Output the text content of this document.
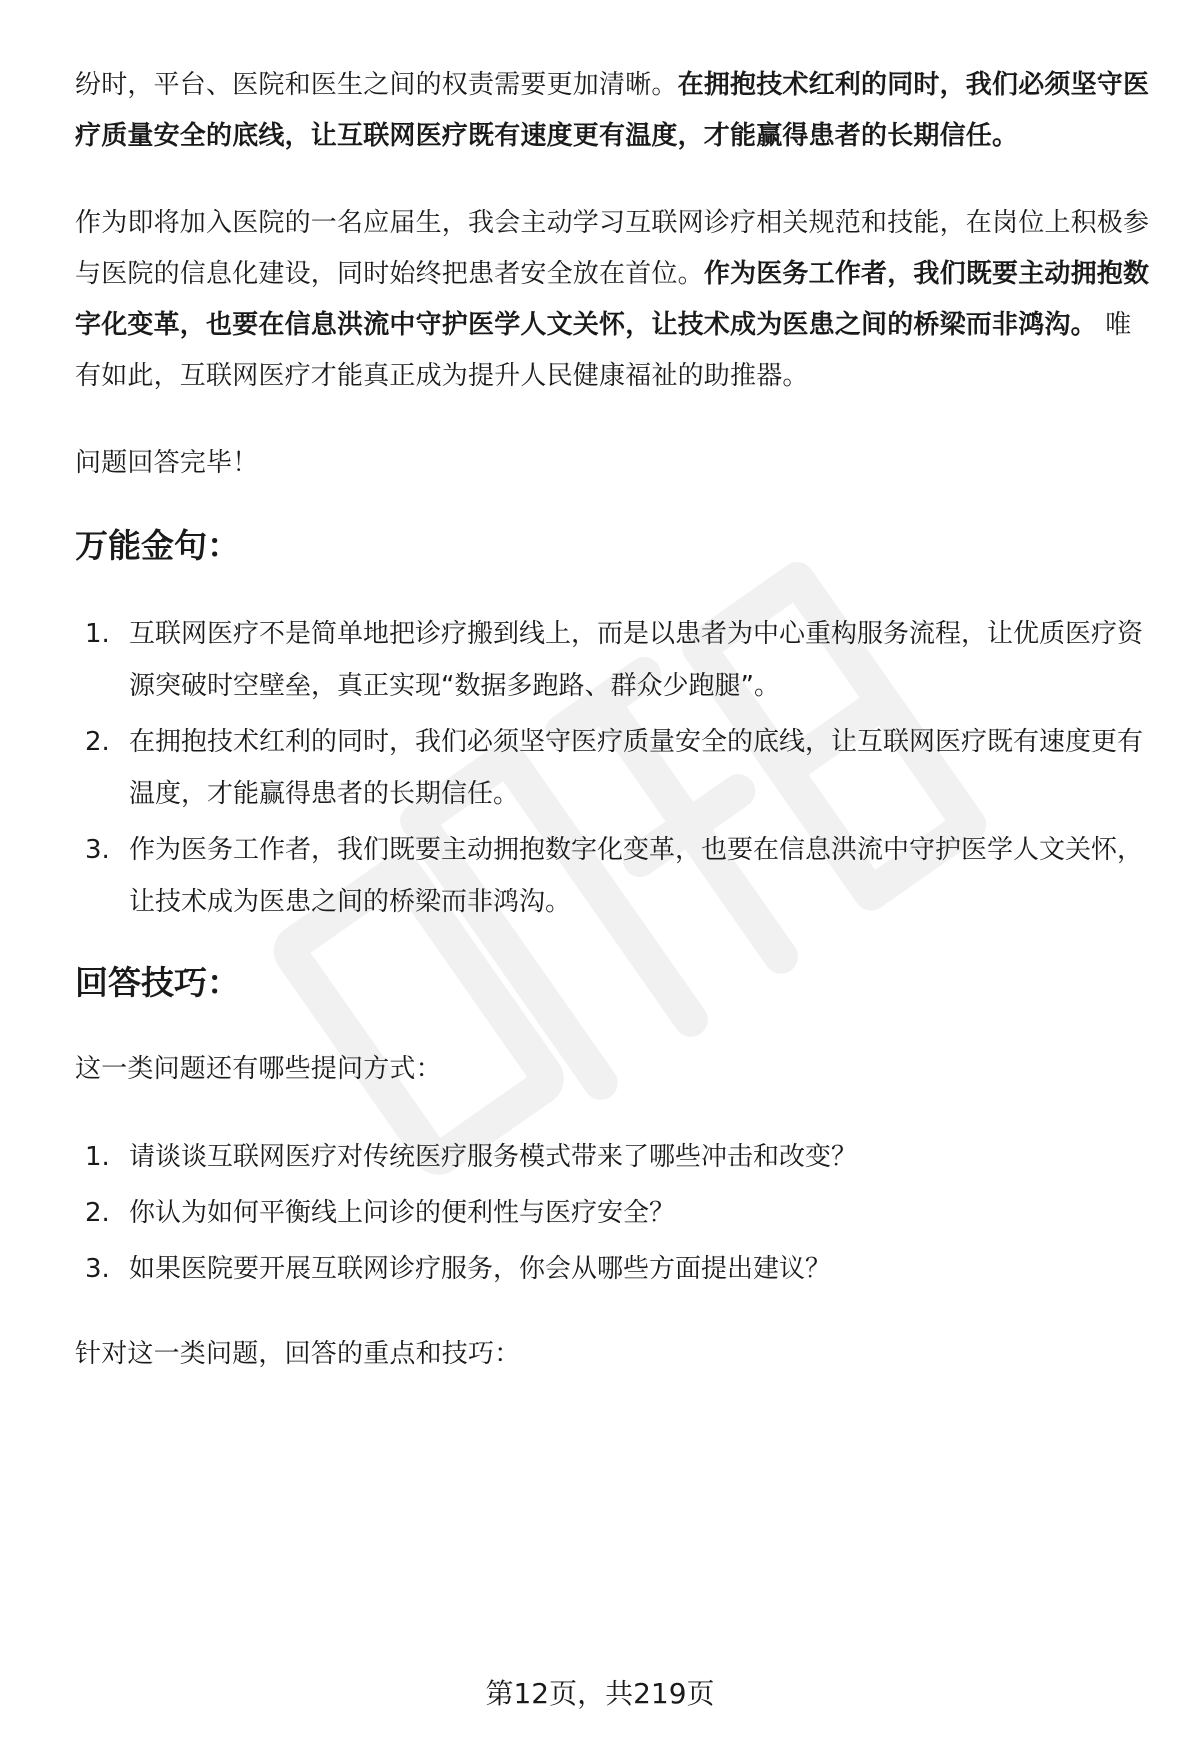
纷时，平台、医院和医生之间的权责需要更加清晰。在拥抱技术红利的同时，我们必须坚守医疗质量安全的底线，让互联网医疗既有速度更有温度，才能赢得患者的长期信任。

作为即将加入医院的一名应届生，我会主动学习互联网诊疗相关规范和技能，在岗位上积极参与医院的信息化建设，同时始终把患者安全放在首位。作为医务工作者，我们既要主动拥抱数字化变革，也要在信息洪流中守护医学人文关怀，让技术成为医患之间的桥梁而非鸿沟。 唯有如此，互联网医疗才能真正成为提升人民健康福祉的助推器。

问题回答完毕！

万能金句：
1. 互联网医疗不是简单地把诊疗搬到线上，而是以患者为中心重构服务流程，让优质医疗资源突破时空壁垒，真正实现“数据多跑路、群众少跑腿”。
2. 在拥抱技术红利的同时，我们必须坚守医疗质量安全的底线，让互联网医疗既有速度更有温度，才能赢得患者的长期信任。
3. 作为医务工作者，我们既要主动拥抱数字化变革，也要在信息洪流中守护医学人文关怀，让技术成为医患之间的桥梁而非鸿沟。
回答技巧：

这一类问题还有哪些提问方式：

1. 请谈谈互联网医疗对传统医疗服务模式带来了哪些冲击和改变？
2. 你认为如何平衡线上问诊的便利性与医疗安全？
3. 如果医院要开展互联网诊疗服务，你会从哪些方面提出建议？

针对这一类问题，回答的重点和技巧：

第12页，共219页
